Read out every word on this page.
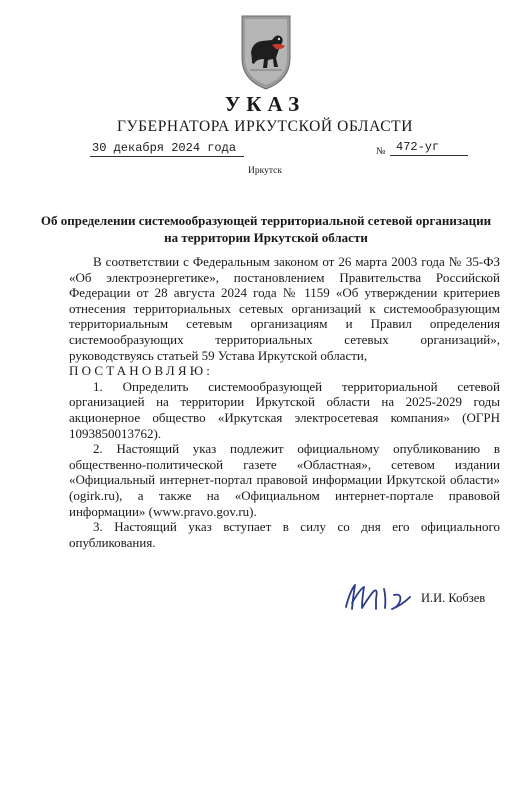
УКАЗ
ГУБЕРНАТОРА ИРКУТСКОЙ ОБЛАСТИ
30 декабря 2024 года	№ 472-уг
Иркутск
Об определении системообразующей территориальной сетевой организации на территории Иркутской области

В соответствии с Федеральным законом от 26 марта 2003 года № 35-ФЗ «Об электроэнергетике», постановлением Правительства Российской Федерации от 28 августа 2024 года № 1159 «Об утверждении критериев отнесения территориальных сетевых организаций к системообразующим территориальным сетевым организациям и Правил определения системообразующих территориальных сетевых организаций», руководствуясь статьей 59 Устава Иркутской области,

ПОСТАНОВЛЯЮ:

1. Определить системообразующей территориальной сетевой организацией на территории Иркутской области на 2025-2029 годы акционерное общество «Иркутская электросетевая компания» (ОГРН 1093850013762).

2. Настоящий указ подлежит официальному опубликованию в общественно-политической газете «Областная», сетевом издании «Официальный интернет-портал правовой информации Иркутской области» (ogirk.ru), а также на «Официальном интернет-портале правовой информации» (www.pravo.gov.ru).

3. Настоящий указ вступает в силу со дня его официального опубликования.

И.И. Кобзев
